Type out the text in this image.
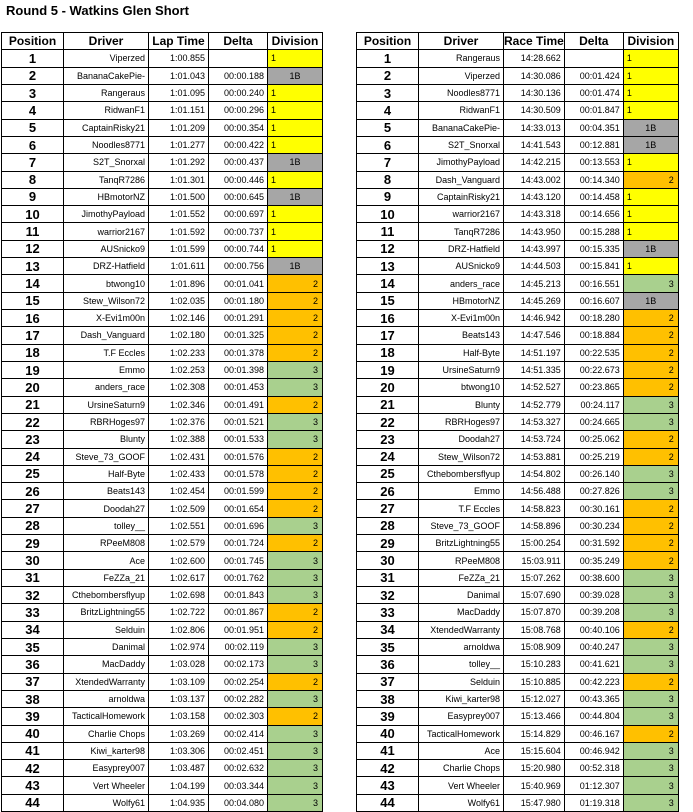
Round 5 - Watkins Glen Short
Position	Driver	Lap Time	Delta	Division
1	Viperzed	1:00.855		1

2	BananaCakePie-	1:01.043	00:00.188	1B

3	Rangeraus	1:01.095	00:00.240	1

4	RidwanF1	1:01.151	00:00.296	1

5	CaptainRisky21	1:01.209	00:00.354	1

6	Noodles8771	1:01.277	00:00.422	1

7	S2T_Snorxal	1:01.292	00:00.437	1B

8	TanqR7286	1:01.301	00:00.446	1

9	HBmotorNZ	1:01.500	00:00.645	1B

10	JimothyPayload	1:01.552	00:00.697	1

11	warrior2167	1:01.592	00:00.737	1

12	AUSnicko9	1:01.599	00:00.744	1

13	DRZ-Hatfield	1:01.611	00:00.756	1B

14	btwong10	1:01.896	00:01.041	2

15	Stew_Wilson72	1:02.035	00:01.180	2

16	X-Evi1m00n	1:02.146	00:01.291	2

17	Dash_Vanguard	1:02.180	00:01.325	2

18	T.F Eccles	1:02.233	00:01.378	2

19	Emmo	1:02.253	00:01.398	3

20	anders_race	1:02.308	00:01.453	3

21	UrsineSaturn9	1:02.346	00:01.491	2

22	RBRHoges97	1:02.376	00:01.521	3

23	Blunty	1:02.388	00:01.533	3

24	Steve_73_GOOF	1:02.431	00:01.576	2

25	Half-Byte	1:02.433	00:01.578	2

26	Beats143	1:02.454	00:01.599	2

27	Doodah27	1:02.509	00:01.654	2

28	tolley__	1:02.551	00:01.696	3

29	RPeeM808	1:02.579	00:01.724	2

30	Ace	1:02.600	00:01.745	3

31	FeZZa_21	1:02.617	00:01.762	3

32	Cthebombersflyup	1:02.698	00:01.843	3

33	BritzLightning55	1:02.722	00:01.867	2

34	Selduin	1:02.806	00:01.951	2

35	Danimal	1:02.974	00:02.119	3

36	MacDaddy	1:03.028	00:02.173	3

37	XtendedWarranty	1:03.109	00:02.254	2

38	arnoldwa	1:03.137	00:02.282	3

39	TacticalHomework	1:03.158	00:02.303	2

40	Charlie Chops	1:03.269	00:02.414	3

41	Kiwi_karter98	1:03.306	00:02.451	3

42	Easyprey007	1:03.487	00:02.632	3

43	Vert Wheeler	1:04.199	00:03.344	3

44	Wolfy61	1:04.935	00:04.080	3
Position	Driver	Race Time	Delta	Division
1	Rangeraus	14:28.662		1

2	Viperzed	14:30.086	00:01.424	1

3	Noodles8771	14:30.136	00:01.474	1

4	RidwanF1	14:30.509	00:01.847	1

5	BananaCakePie-	14:33.013	00:04.351	1B

6	S2T_Snorxal	14:41.543	00:12.881	1B

7	JimothyPayload	14:42.215	00:13.553	1

8	Dash_Vanguard	14:43.002	00:14.340	2

9	CaptainRisky21	14:43.120	00:14.458	1

10	warrior2167	14:43.318	00:14.656	1

11	TanqR7286	14:43.950	00:15.288	1

12	DRZ-Hatfield	14:43.997	00:15.335	1B

13	AUSnicko9	14:44.503	00:15.841	1

14	anders_race	14:45.213	00:16.551	3

15	HBmotorNZ	14:45.269	00:16.607	1B

16	X-Evi1m00n	14:46.942	00:18.280	2

17	Beats143	14:47.546	00:18.884	2

18	Half-Byte	14:51.197	00:22.535	2

19	UrsineSaturn9	14:51.335	00:22.673	2

20	btwong10	14:52.527	00:23.865	2

21	Blunty	14:52.779	00:24.117	3

22	RBRHoges97	14:53.327	00:24.665	3

23	Doodah27	14:53.724	00:25.062	2

24	Stew_Wilson72	14:53.881	00:25.219	2

25	Cthebombersflyup	14:54.802	00:26.140	3

26	Emmo	14:56.488	00:27.826	3

27	T.F Eccles	14:58.823	00:30.161	2

28	Steve_73_GOOF	14:58.896	00:30.234	2

29	BritzLightning55	15:00.254	00:31.592	2

30	RPeeM808	15:03.911	00:35.249	2

31	FeZZa_21	15:07.262	00:38.600	3

32	Danimal	15:07.690	00:39.028	3

33	MacDaddy	15:07.870	00:39.208	3

34	XtendedWarranty	15:08.768	00:40.106	2

35	arnoldwa	15:08.909	00:40.247	3

36	tolley__	15:10.283	00:41.621	3

37	Selduin	15:10.885	00:42.223	2

38	Kiwi_karter98	15:12.027	00:43.365	3

39	Easyprey007	15:13.466	00:44.804	3

40	TacticalHomework	15:14.829	00:46.167	2

41	Ace	15:15.604	00:46.942	3

42	Charlie Chops	15:20.980	00:52.318	3

43	Vert Wheeler	15:40.969	01:12.307	3

44	Wolfy61	15:47.980	01:19.318	3
